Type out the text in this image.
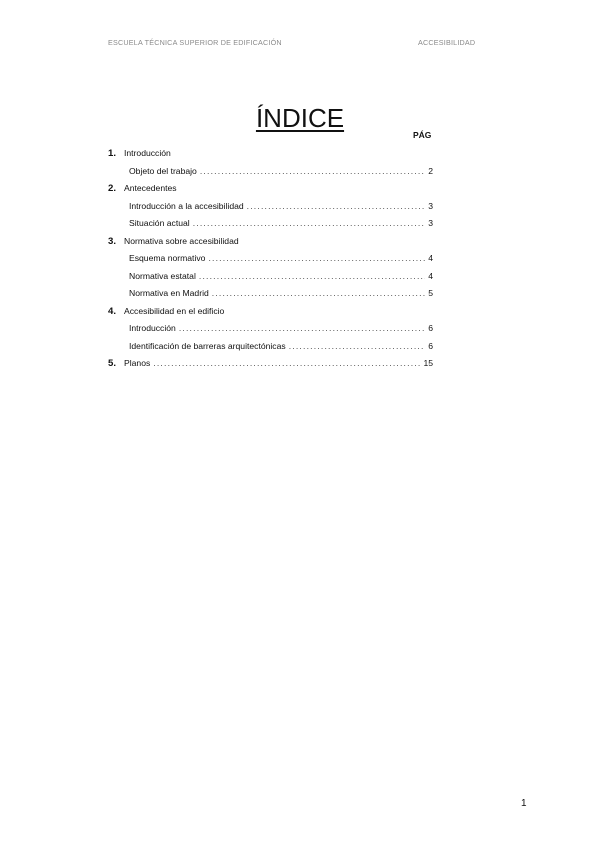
ESCUELA TÉCNICA SUPERIOR DE EDIFICACIÓN	ACCESIBILIDAD
ÍNDICE
PÁG
1. Introducción
Objeto del trabajo . . .	2
2. Antecedentes
Introducción a la accesibilidad . . .	3
Situación actual . . .	3
3. Normativa sobre accesibilidad
Esquema normativo . . .	4
Normativa estatal . . .	4
Normativa en Madrid . . .	5
4. Accesibilidad en el edificio
Introducción . . .	6
Identificación de barreras arquitectónicas . . .	6
5. Planos . . .	15
1
